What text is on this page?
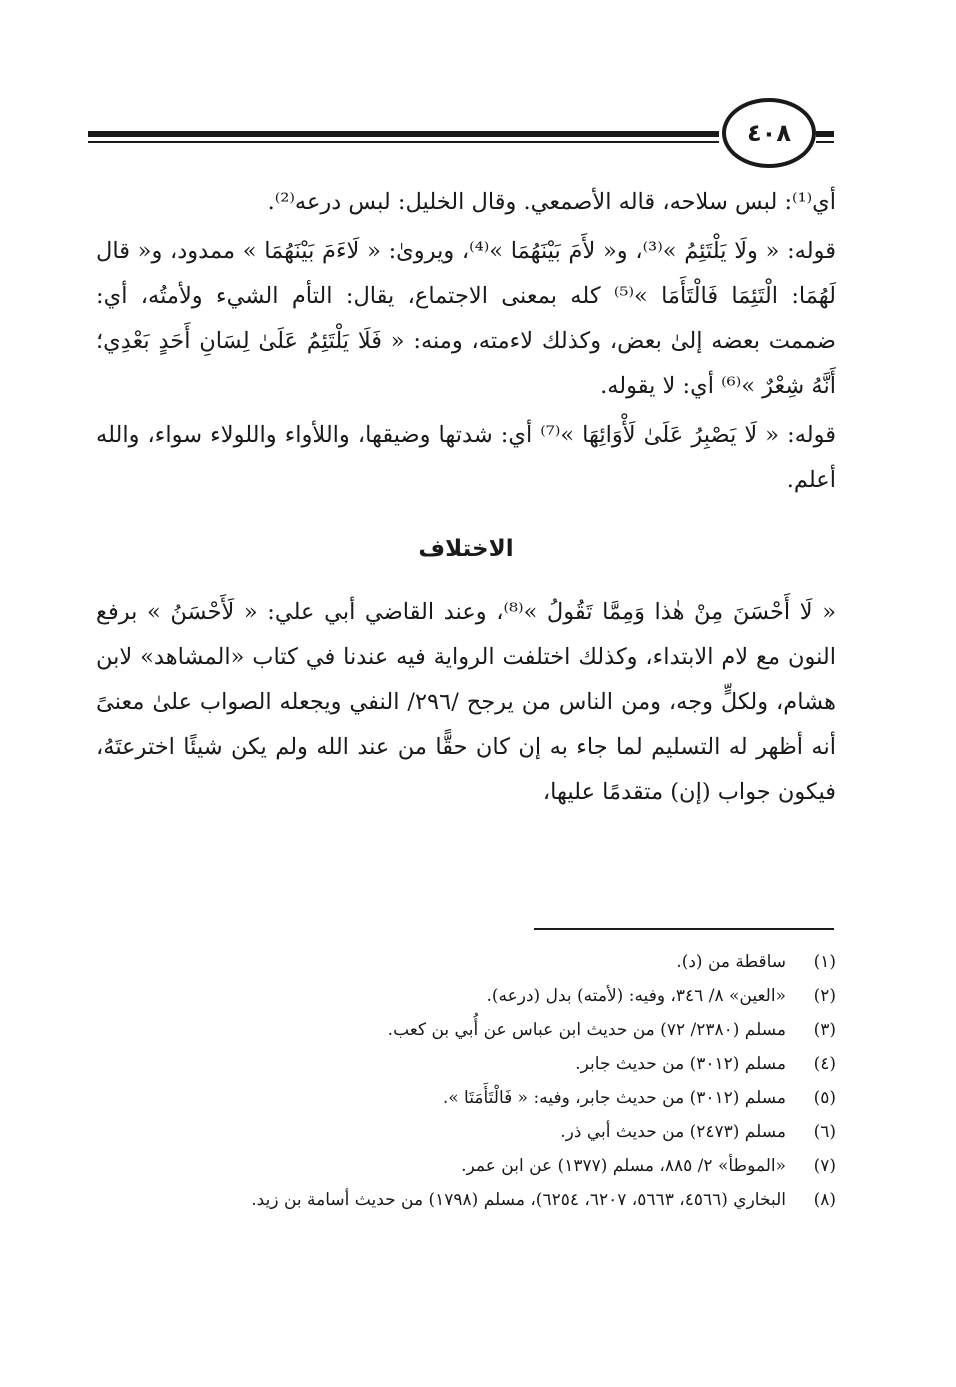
٤٠٨

أي⁽¹⁾: لبس سلاحه، قاله الأصمعي. وقال الخليل: لبس درعه⁽²⁾.

قوله: « ولَا يَلْتَئِمُ »⁽³⁾، و« لأَمَ بَيْنَهُمَا »⁽⁴⁾، ويروىٰ: « لَاءَمَ بَيْنَهُمَا » ممدود، و« قال لَهُمَا: الْتَئِمَا فَالْتَأَمَا »⁽⁵⁾ كله بمعنى الاجتماع، يقال: التأم الشيء ولأمتُه، أي: ضممت بعضه إلىٰ بعض، وكذلك لاءمته، ومنه: « فَلَا يَلْتَئِمُ عَلَىٰ لِسَانِ أَحَدٍ بَعْدِي؛ أَنَّهُ شِعْرٌ »⁽⁶⁾ أي: لا يقوله.

قوله: « لَا يَصْبِرُ عَلَىٰ لَأْوَائِهَا »⁽⁷⁾ أي: شدتها وضيقها، واللأواء واللولاء سواء، والله أعلم.

الاختلاف

« لَا أَحْسَنَ مِنْ هٰذا وَمِمَّا تَقُولُ »⁽⁸⁾، وعند القاضي أبي علي: « لَأَحْسَنُ » برفع النون مع لام الابتداء، وكذلك اختلفت الرواية فيه عندنا في كتاب «المشاهد» لابن هشام، ولكلٍّ وجه، ومن الناس من يرجح /٢٩٦/ النفي ويجعله الصواب علىٰ معنىً أنه أظهر له التسليم لما جاء به إن كان حقًّا من عند الله ولم يكن شيئًا اخترعتَهُ، فيكون جواب (إن) متقدمًا عليها،

(١)
ساقطة من (د).
(٢)
«العين» ٨/ ٣٤٦، وفيه: (لأمته) بدل (درعه).
(٣)
مسلم (٢٣٨٠/ ٧٢) من حديث ابن عباس عن أُبي بن كعب.
(٤)
مسلم (٣٠١٢) من حديث جابر.
(٥)
مسلم (٣٠١٢) من حديث جابر، وفيه: « فَالْتَأَمَتَا ».
(٦)
مسلم (٢٤٧٣) من حديث أبي ذر.
(٧)
«الموطأ» ٢/ ٨٨٥، مسلم (١٣٧٧) عن ابن عمر.
(٨)
البخاري (٤٥٦٦، ٥٦٦٣، ٦٢٠٧، ٦٢٥٤)، مسلم (١٧٩٨) من حديث أسامة بن زيد.
